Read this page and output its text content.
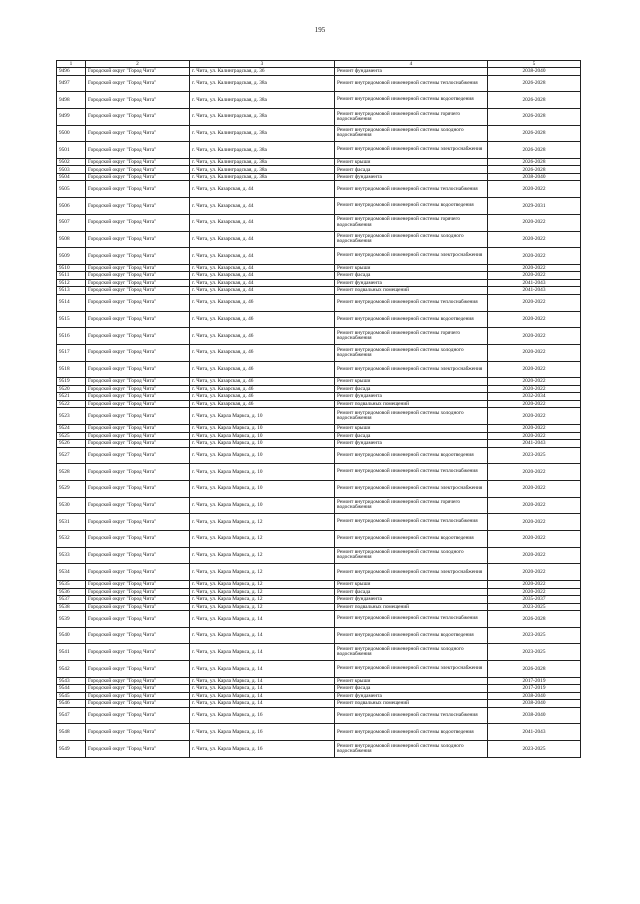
195
1	2	3	4	5
9496	Городской округ "Город Чита"	г. Чита, ул. Калинградская, д. 36	Ремонт фундамента	2038-2040
9497	Городской округ "Город Чита"	г. Чита, ул. Калинградская, д. 38а	Ремонт внутридомовой инженерной системы теплоснабжения	2026-2028
9498	Городской округ "Город Чита"	г. Чита, ул. Калинградская, д. 38а	Ремонт внутридомовой инженерной системы водоотведения	2026-2028
9499	Городской округ "Город Чита"	г. Чита, ул. Калинградская, д. 38а	Ремонт внутридомовой инженерной системы горячего водоснабжения	2026-2028
9500	Городской округ "Город Чита"	г. Чита, ул. Калинградская, д. 38а	Ремонт внутридомовой инженерной системы холодного водоснабжения	2026-2028
9501	Городской округ "Город Чита"	г. Чита, ул. Калинградская, д. 38а	Ремонт внутридомовой инженерной системы электроснабжения	2026-2028
9502	Городской округ "Город Чита"	г. Чита, ул. Калинградская, д. 38а	Ремонт крыши	2026-2028
9503	Городской округ "Город Чита"	г. Чита, ул. Калинградская, д. 38а	Ремонт фасада	2026-2028
9504	Городской округ "Город Чита"	г. Чита, ул. Калинградская, д. 38а	Ремонт фундамента	2038-2040
9505	Городской округ "Город Чита"	г. Чита, ул. Казарская, д. 44	Ремонт внутридомовой инженерной системы теплоснабжения	2020-2022
9506	Городской округ "Город Чита"	г. Чита, ул. Казарская, д. 44	Ремонт внутридомовой инженерной системы водоотведения	2029-2031
9507	Городской округ "Город Чита"	г. Чита, ул. Казарская, д. 44	Ремонт внутридомовой инженерной системы горячего водоснабжения	2020-2022
9508	Городской округ "Город Чита"	г. Чита, ул. Казарская, д. 44	Ремонт внутридомовой инженерной системы холодного водоснабжения	2020-2022
9509	Городской округ "Город Чита"	г. Чита, ул. Казарская, д. 44	Ремонт внутридомовой инженерной системы электроснабжения	2020-2022
9510	Городской округ "Город Чита"	г. Чита, ул. Казарская, д. 44	Ремонт крыши	2020-2022
9511	Городской округ "Город Чита"	г. Чита, ул. Казарская, д. 44	Ремонт фасада	2020-2022
9512	Городской округ "Город Чита"	г. Чита, ул. Казарская, д. 44	Ремонт фундамента	2041-2043
9513	Городской округ "Город Чита"	г. Чита, ул. Казарская, д. 44	Ремонт подвальных помещений	2041-2043
9514	Городской округ "Город Чита"	г. Чита, ул. Казарская, д. 46	Ремонт внутридомовой инженерной системы теплоснабжения	2020-2022
9515	Городской округ "Город Чита"	г. Чита, ул. Казарская, д. 46	Ремонт внутридомовой инженерной системы водоотведения	2020-2022
9516	Городской округ "Город Чита"	г. Чита, ул. Казарская, д. 46	Ремонт внутридомовой инженерной системы горячего водоснабжения	2020-2022
9517	Городской округ "Город Чита"	г. Чита, ул. Казарская, д. 46	Ремонт внутридомовой инженерной системы холодного водоснабжения	2020-2022
9518	Городской округ "Город Чита"	г. Чита, ул. Казарская, д. 46	Ремонт внутридомовой инженерной системы электроснабжения	2020-2022
9519	Городской округ "Город Чита"	г. Чита, ул. Казарская, д. 46	Ремонт крыши	2020-2022
9520	Городской округ "Город Чита"	г. Чита, ул. Казарская, д. 46	Ремонт фасада	2020-2022
9521	Городской округ "Город Чита"	г. Чита, ул. Казарская, д. 46	Ремонт фундамента	2032-2034
9522	Городской округ "Город Чита"	г. Чита, ул. Казарская, д. 46	Ремонт подвальных помещений	2020-2022
9523	Городской округ "Город Чита"	г. Чита, ул. Карла Маркса, д. 10	Ремонт внутридомовой инженерной системы холодного водоснабжения	2020-2022
9524	Городской округ "Город Чита"	г. Чита, ул. Карла Маркса, д. 10	Ремонт крыши	2020-2022
9525	Городской округ "Город Чита"	г. Чита, ул. Карла Маркса, д. 10	Ремонт фасада	2020-2022
9526	Городской округ "Город Чита"	г. Чита, ул. Карла Маркса, д. 10	Ремонт фундамента	2041-2043
9527	Городской округ "Город Чита"	г. Чита, ул. Карла Маркса, д. 10	Ремонт внутридомовой инженерной системы водоотведения	2023-2025
9528	Городской округ "Город Чита"	г. Чита, ул. Карла Маркса, д. 10	Ремонт внутридомовой инженерной системы теплоснабжения	2020-2022
9529	Городской округ "Город Чита"	г. Чита, ул. Карла Маркса, д. 10	Ремонт внутридомовой инженерной системы электроснабжения	2020-2022
9530	Городской округ "Город Чита"	г. Чита, ул. Карла Маркса, д. 10	Ремонт внутридомовой инженерной системы горячего водоснабжения	2020-2022
9531	Городской округ "Город Чита"	г. Чита, ул. Карла Маркса, д. 12	Ремонт внутридомовой инженерной системы теплоснабжения	2020-2022
9532	Городской округ "Город Чита"	г. Чита, ул. Карла Маркса, д. 12	Ремонт внутридомовой инженерной системы водоотведения	2020-2022
9533	Городской округ "Город Чита"	г. Чита, ул. Карла Маркса, д. 12	Ремонт внутридомовой инженерной системы холодного водоснабжения	2020-2022
9534	Городской округ "Город Чита"	г. Чита, ул. Карла Маркса, д. 12	Ремонт внутридомовой инженерной системы электроснабжения	2020-2022
9535	Городской округ "Город Чита"	г. Чита, ул. Карла Маркса, д. 12	Ремонт крыши	2020-2022
9536	Городской округ "Город Чита"	г. Чита, ул. Карла Маркса, д. 12	Ремонт фасада	2020-2022
9537	Городской округ "Город Чита"	г. Чита, ул. Карла Маркса, д. 12	Ремонт фундамента	2035-2037
9538	Городской округ "Город Чита"	г. Чита, ул. Карла Маркса, д. 12	Ремонт подвальных помещений	2023-2025
9539	Городской округ "Город Чита"	г. Чита, ул. Карла Маркса, д. 14	Ремонт внутридомовой инженерной системы теплоснабжения	2026-2028
9540	Городской округ "Город Чита"	г. Чита, ул. Карла Маркса, д. 14	Ремонт внутридомовой инженерной системы водоотведения	2023-2025
9541	Городской округ "Город Чита"	г. Чита, ул. Карла Маркса, д. 14	Ремонт внутридомовой инженерной системы холодного водоснабжения	2023-2025
9542	Городской округ "Город Чита"	г. Чита, ул. Карла Маркса, д. 14	Ремонт внутридомовой инженерной системы электроснабжения	2026-2028
9543	Городской округ "Город Чита"	г. Чита, ул. Карла Маркса, д. 14	Ремонт крыши	2017-2019
9544	Городской округ "Город Чита"	г. Чита, ул. Карла Маркса, д. 14	Ремонт фасада	2017-2019
9545	Городской округ "Город Чита"	г. Чита, ул. Карла Маркса, д. 14	Ремонт фундамента	2038-2040
9546	Городской округ "Город Чита"	г. Чита, ул. Карла Маркса, д. 14	Ремонт подвальных помещений	2038-2040
9547	Городской округ "Город Чита"	г. Чита, ул. Карла Маркса, д. 16	Ремонт внутридомовой инженерной системы теплоснабжения	2038-2040
9548	Городской округ "Город Чита"	г. Чита, ул. Карла Маркса, д. 16	Ремонт внутридомовой инженерной системы водоотведения	2041-2043
9549	Городской округ "Город Чита"	г. Чита, ул. Карла Маркса, д. 16	Ремонт внутридомовой инженерной системы холодного водоснабжения	2023-2025
